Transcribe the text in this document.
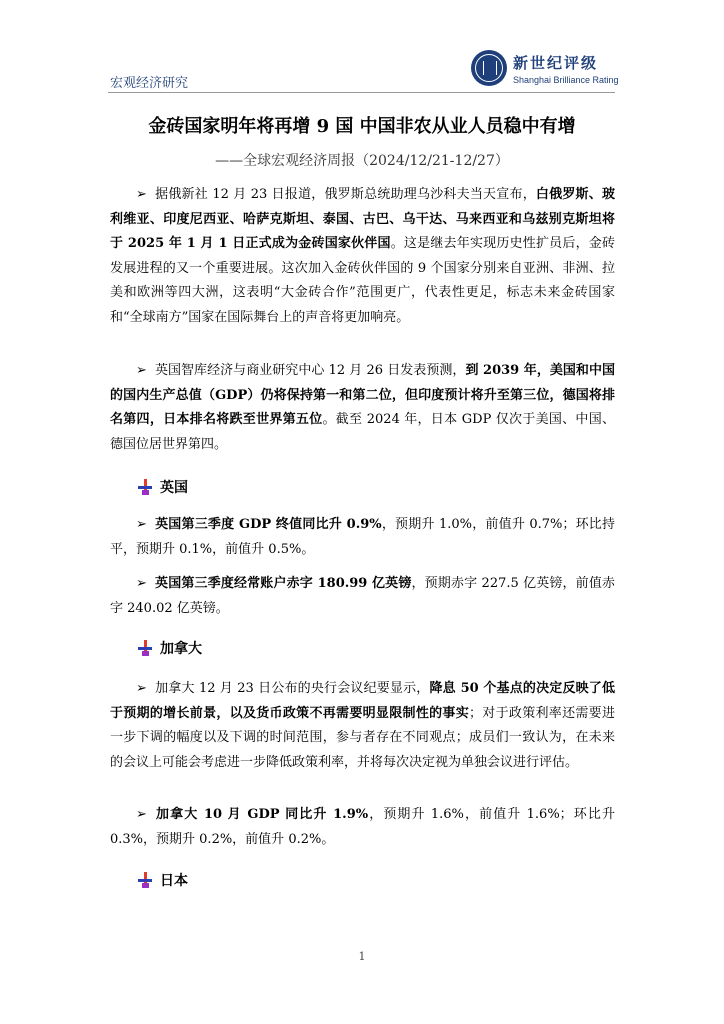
宏观经济研究
新世纪评级
Shanghai Brilliance Rating
金砖国家明年将再增 9 国 中国非农从业人员稳中有增
——全球宏观经济周报（2024/12/21-12/27）
➢ 据俄新社 12 月 23 日报道，俄罗斯总统助理乌沙科夫当天宣布，白俄罗斯、玻利维亚、印度尼西亚、哈萨克斯坦、泰国、古巴、乌干达、马来西亚和乌兹别克斯坦将于 2025 年 1 月 1 日正式成为金砖国家伙伴国。这是继去年实现历史性扩员后，金砖发展进程的又一个重要进展。这次加入金砖伙伴国的 9 个国家分别来自亚洲、非洲、拉美和欧洲等四大洲，这表明“大金砖合作”范围更广，代表性更足，标志未来金砖国家和“全球南方”国家在国际舞台上的声音将更加响亮。
➢ 英国智库经济与商业研究中心 12 月 26 日发表预测，到 2039 年，美国和中国的国内生产总值（GDP）仍将保持第一和第二位，但印度预计将升至第三位，德国将排名第四，日本排名将跌至世界第五位。截至 2024 年，日本 GDP 仅次于美国、中国、德国位居世界第四。
英国
➢ 英国第三季度 GDP 终值同比升 0.9%，预期升 1.0%，前值升 0.7%；环比持平，预期升 0.1%，前值升 0.5%。
➢ 英国第三季度经常账户赤字 180.99 亿英镑，预期赤字 227.5 亿英镑，前值赤字 240.02 亿英镑。
加拿大
➢ 加拿大 12 月 23 日公布的央行会议纪要显示，降息 50 个基点的决定反映了低于预期的增长前景，以及货币政策不再需要明显限制性的事实；对于政策利率还需要进一步下调的幅度以及下调的时间范围，参与者存在不同观点；成员们一致认为，在未来的会议上可能会考虑进一步降低政策利率，并将每次决定视为单独会议进行评估。
➢ 加拿大 10 月 GDP 同比升 1.9%，预期升 1.6%，前值升 1.6%；环比升 0.3%，预期升 0.2%，前值升 0.2%。
日本
1
